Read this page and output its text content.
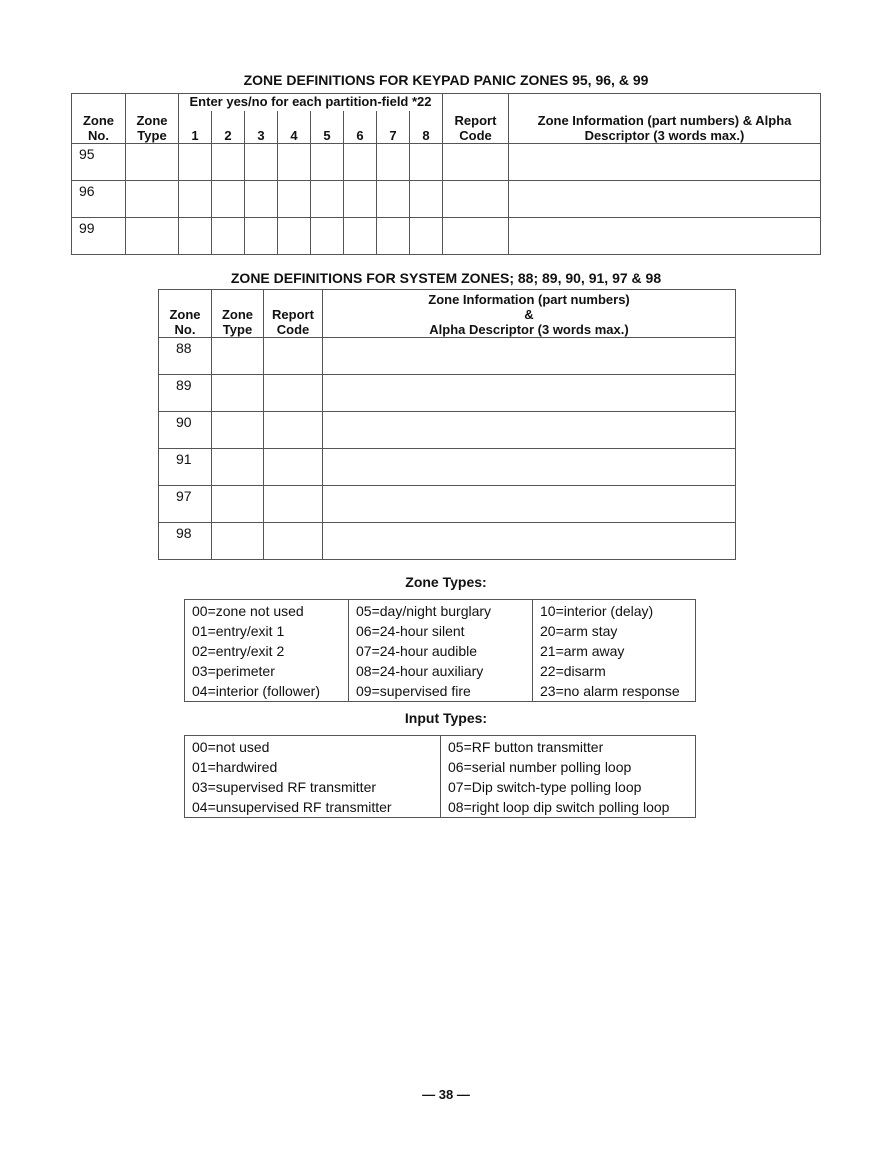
ZONE DEFINITIONS FOR KEYPAD PANIC ZONES 95, 96, & 99
Zone No.	Zone Type	Enter yes/no for each partition-field *22								Report Code	Zone Information (part numbers) & Alpha Descriptor (3 words max.)
		1	2	3	4	5	6	7	8		
95											
96											
99											
ZONE DEFINITIONS FOR SYSTEM ZONES; 88; 89, 90, 91, 97 & 98
Zone No.	Zone Type	Report Code	Zone Information (part numbers)
&
Alpha Descriptor (3 words max.)

88			
89			
90			
91			
97			
98			
Zone Types:
00=zone not used	05=day/night burglary	10=interior (delay)
01=entry/exit 1	06=24-hour silent	20=arm stay
02=entry/exit 2	07=24-hour audible	21=arm away
03=perimeter	08=24-hour auxiliary	22=disarm
04=interior (follower)	09=supervised fire	23=no alarm response
Input Types:
00=not used	05=RF button transmitter
01=hardwired	06=serial number polling loop
03=supervised RF transmitter	07=Dip switch-type polling loop
04=unsupervised RF transmitter	08=right loop dip switch polling loop
— 38 —
